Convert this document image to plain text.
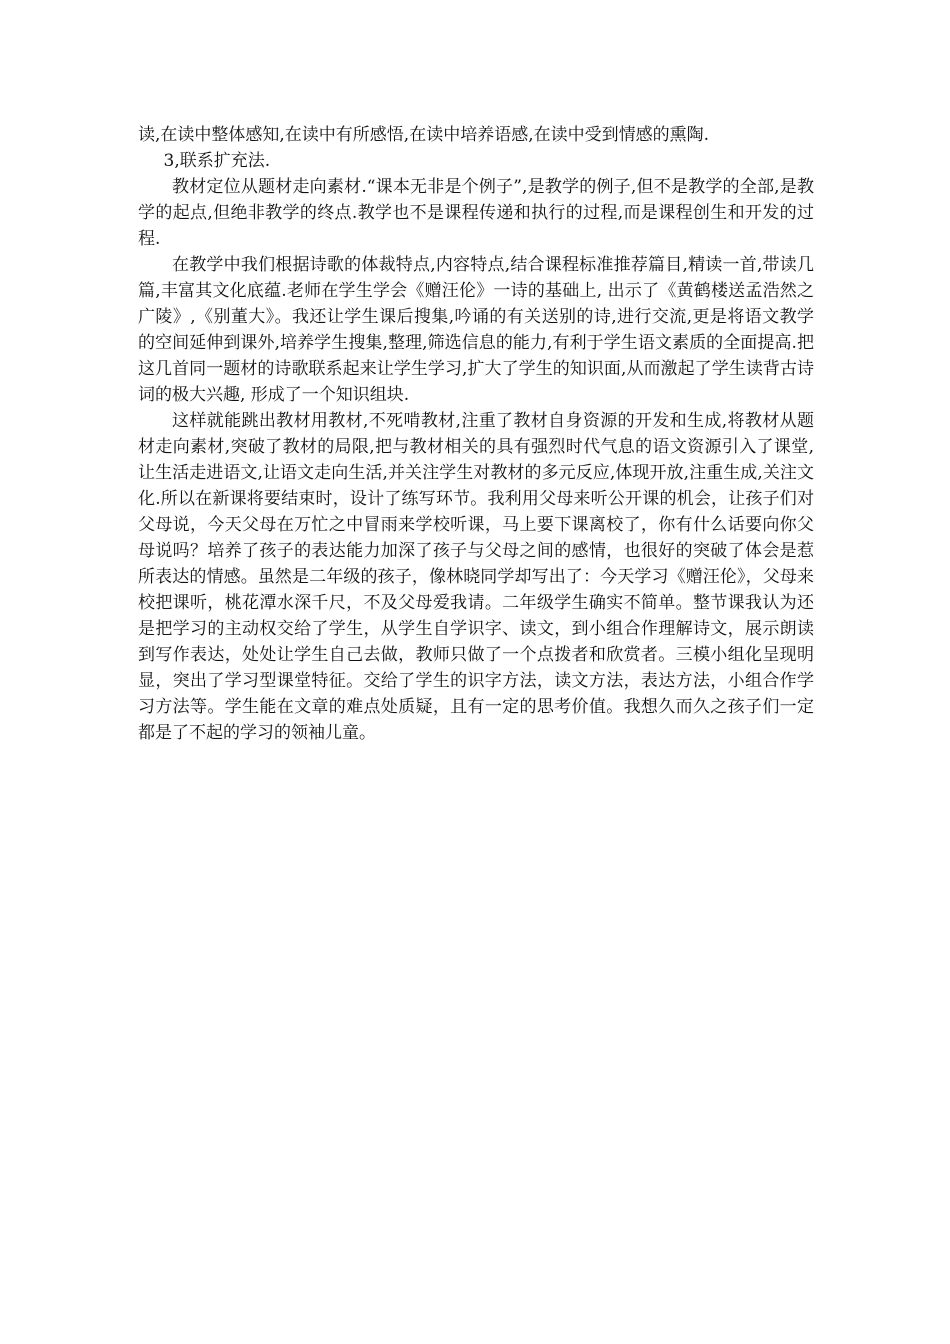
读,在读中整体感知,在读中有所感悟,在读中培养语感,在读中受到情感的熏陶.

3,联系扩充法.

教材定位从题材走向素材.“课本无非是个例子”,是教学的例子,但不是教学的全部,是教学的起点,但绝非教学的终点.教学也不是课程传递和执行的过程,而是课程创生和开发的过程.

在教学中我们根据诗歌的体裁特点,内容特点,结合课程标准推荐篇目,精读一首,带读几篇,丰富其文化底蕴.老师在学生学会《赠汪伦》一诗的基础上, 出示了《黄鹤楼送孟浩然之广陵》,《别董大》。我还让学生课后搜集,吟诵的有关送别的诗,进行交流,更是将语文教学的空间延伸到课外,培养学生搜集,整理,筛选信息的能力,有利于学生语文素质的全面提高.把这几首同一题材的诗歌联系起来让学生学习,扩大了学生的知识面,从而激起了学生读背古诗词的极大兴趣, 形成了一个知识组块.

这样就能跳出教材用教材,不死啃教材,注重了教材自身资源的开发和生成,将教材从题材走向素材,突破了教材的局限,把与教材相关的具有强烈时代气息的语文资源引入了课堂,让生活走进语文,让语文走向生活,并关注学生对教材的多元反应,体现开放,注重生成,关注文化.所以在新课将要结束时，设计了练写环节。我利用父母来听公开课的机会，让孩子们对父母说，今天父母在万忙之中冒雨来学校听课，马上要下课离校了，你有什么话要向你父母说吗？培养了孩子的表达能力加深了孩子与父母之间的感情，也很好的突破了体会是惹所表达的情感。虽然是二年级的孩子，像林晓同学却写出了：今天学习《赠汪伦》，父母来校把课听，桃花潭水深千尺，不及父母爱我请。二年级学生确实不简单。整节课我认为还是把学习的主动权交给了学生，从学生自学识字、读文，到小组合作理解诗文，展示朗读到写作表达，处处让学生自己去做，教师只做了一个点拨者和欣赏者。三模小组化呈现明显，突出了学习型课堂特征。交给了学生的识字方法，读文方法，表达方法，小组合作学习方法等。学生能在文章的难点处质疑，且有一定的思考价值。我想久而久之孩子们一定都是了不起的学习的领袖儿童。
